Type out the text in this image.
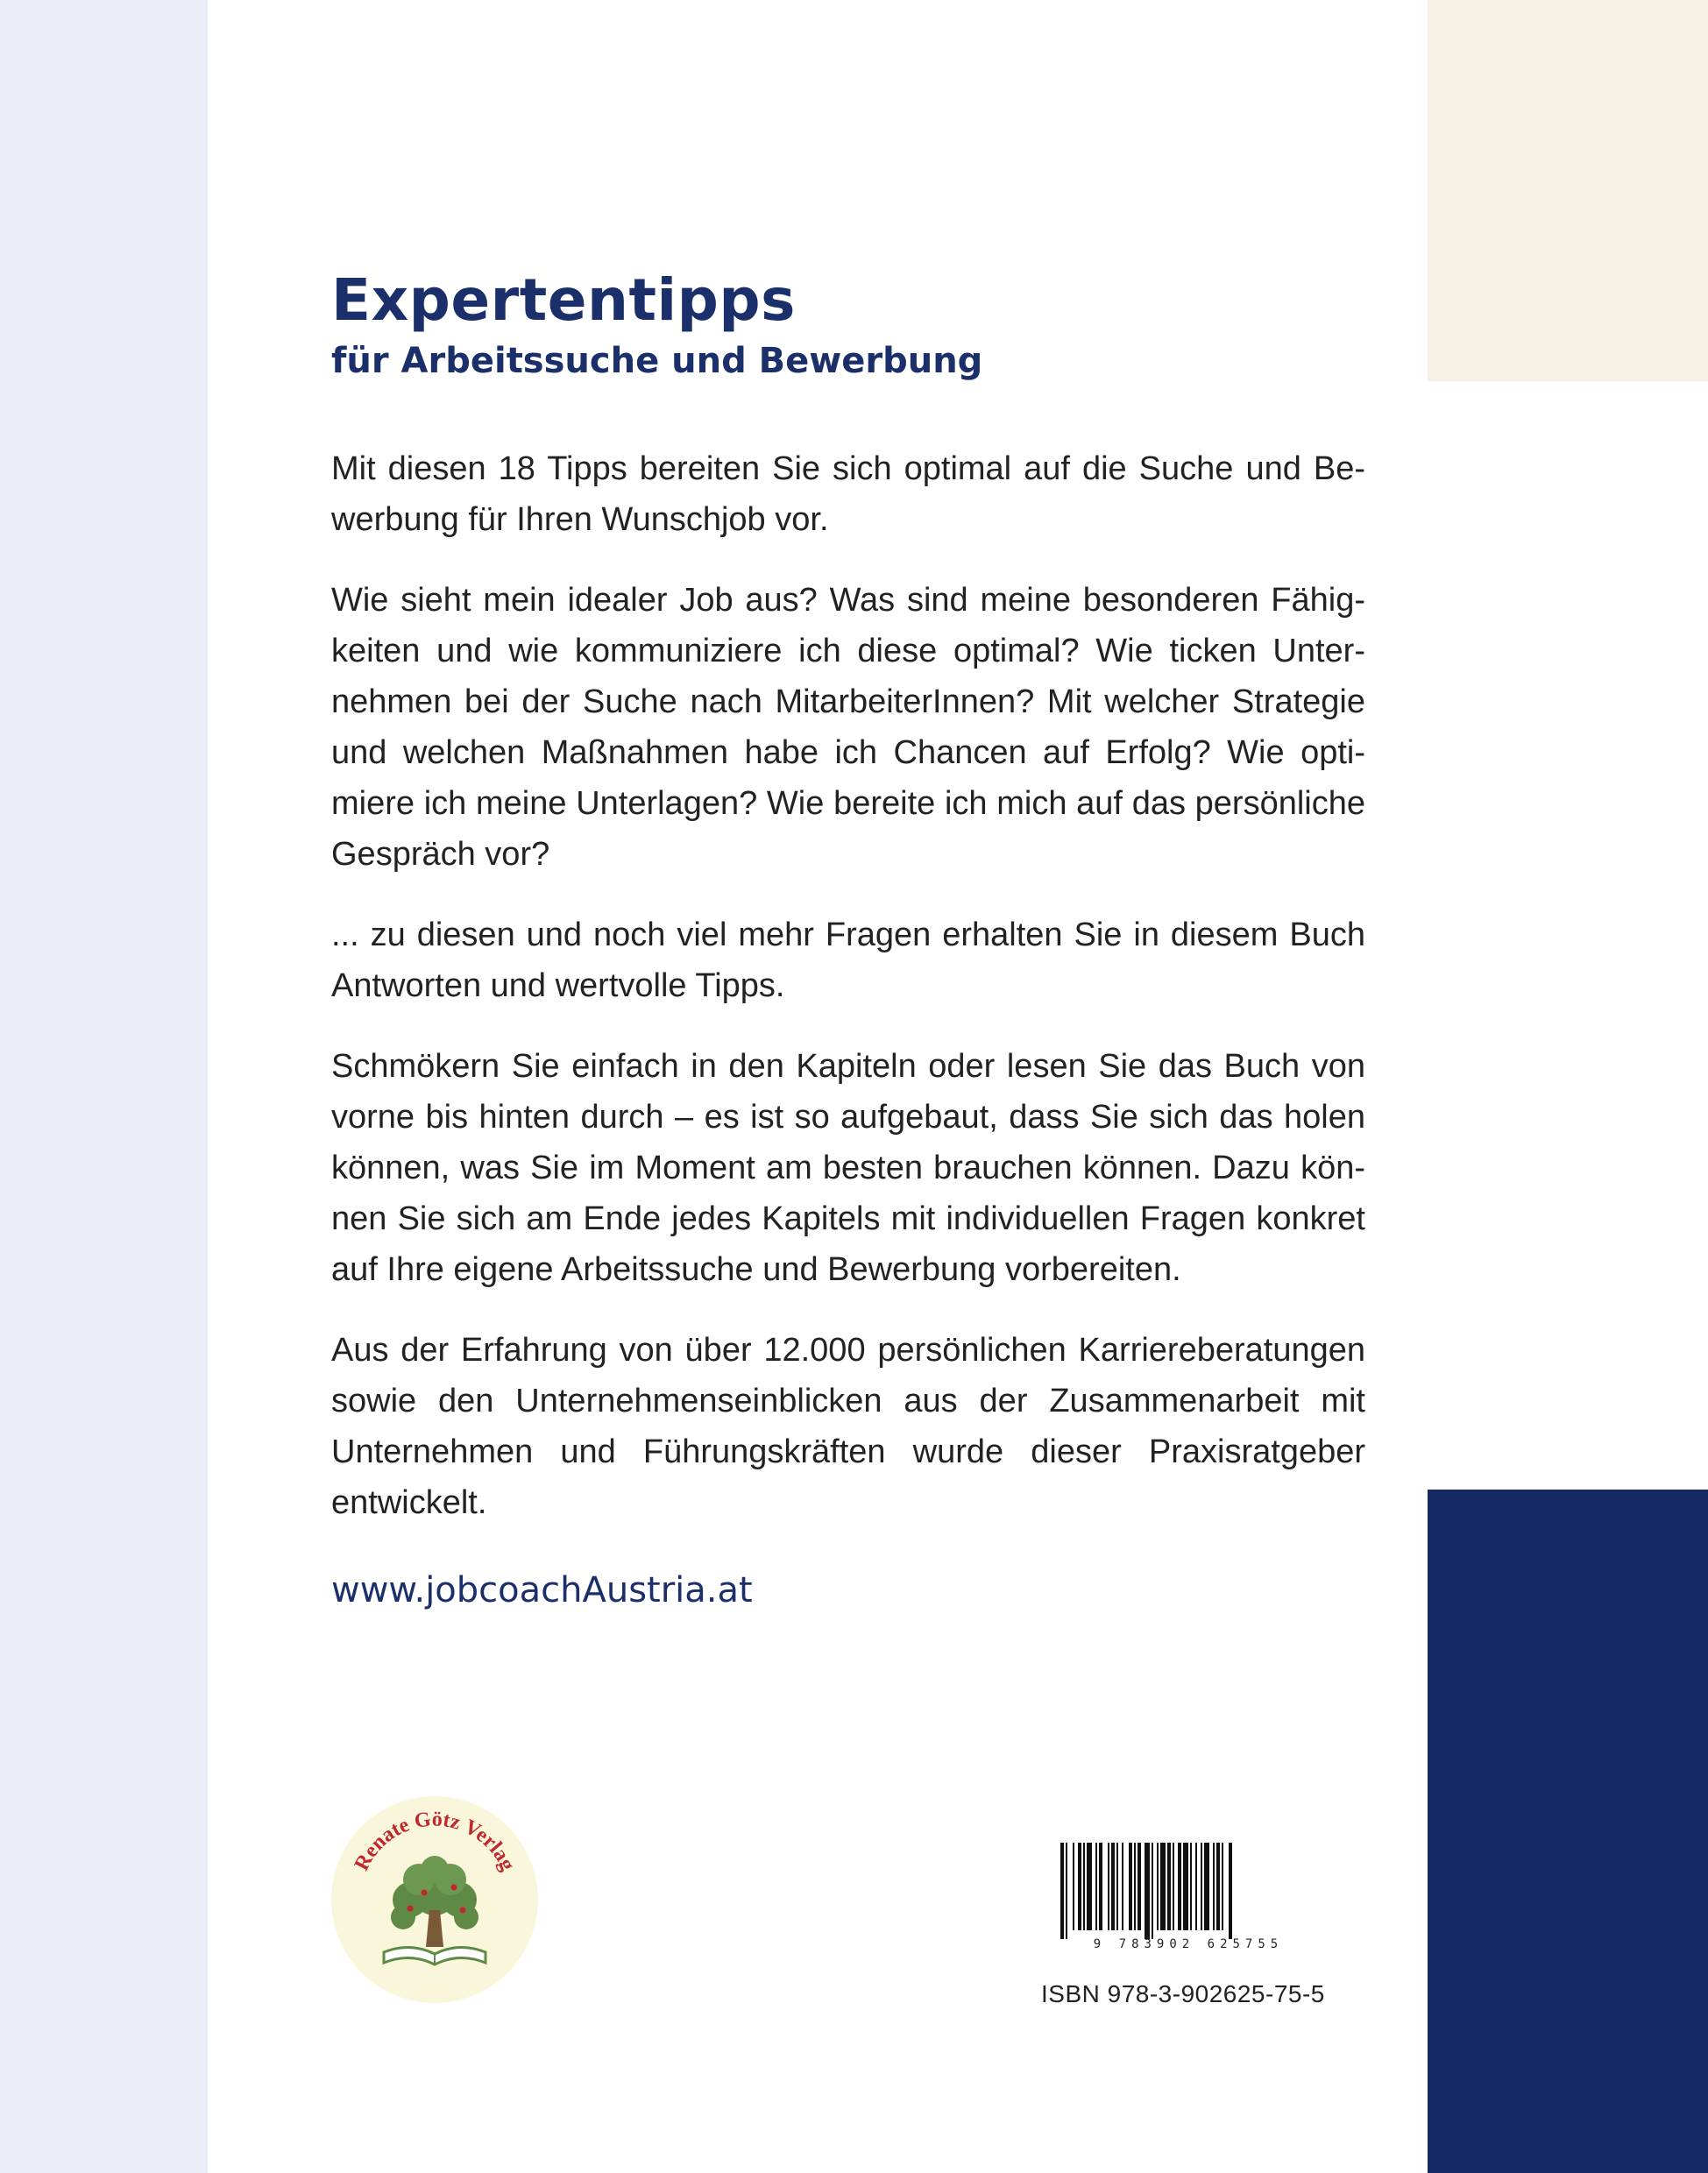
Expertentipps
für Arbeitssuche und Bewerbung

Mit diesen 18 Tipps bereiten Sie sich optimal auf die Suche und Bewerbung für Ihren Wunschjob vor.

Wie sieht mein idealer Job aus? Was sind meine besonderen Fähigkeiten und wie kommuniziere ich diese optimal? Wie ticken Unternehmen bei der Suche nach MitarbeiterInnen? Mit welcher Strategie und welchen Maßnahmen habe ich Chancen auf Erfolg? Wie optimiere ich meine Unterlagen? Wie bereite ich mich auf das persönliche Gespräch vor?

... zu diesen und noch viel mehr Fragen erhalten Sie in diesem Buch Antworten und wertvolle Tipps.

Schmökern Sie einfach in den Kapiteln oder lesen Sie das Buch von vorne bis hinten durch – es ist so aufgebaut, dass Sie sich das holen können, was Sie im Moment am besten brauchen können. Dazu können Sie sich am Ende jedes Kapitels mit individuellen Fragen konkret auf Ihre eigene Arbeitssuche und Bewerbung vorbereiten.

Aus der Erfahrung von über 12.000 persönlichen Karriereberatungen sowie den Unternehmenseinblicken aus der Zusammenarbeit mit Unternehmen und Führungskräften wurde dieser Praxisratgeber entwickelt.

www.jobcoachAustria.at
Renate Götz Verlag
9 783902 625755
ISBN 978-3-902625-75-5
